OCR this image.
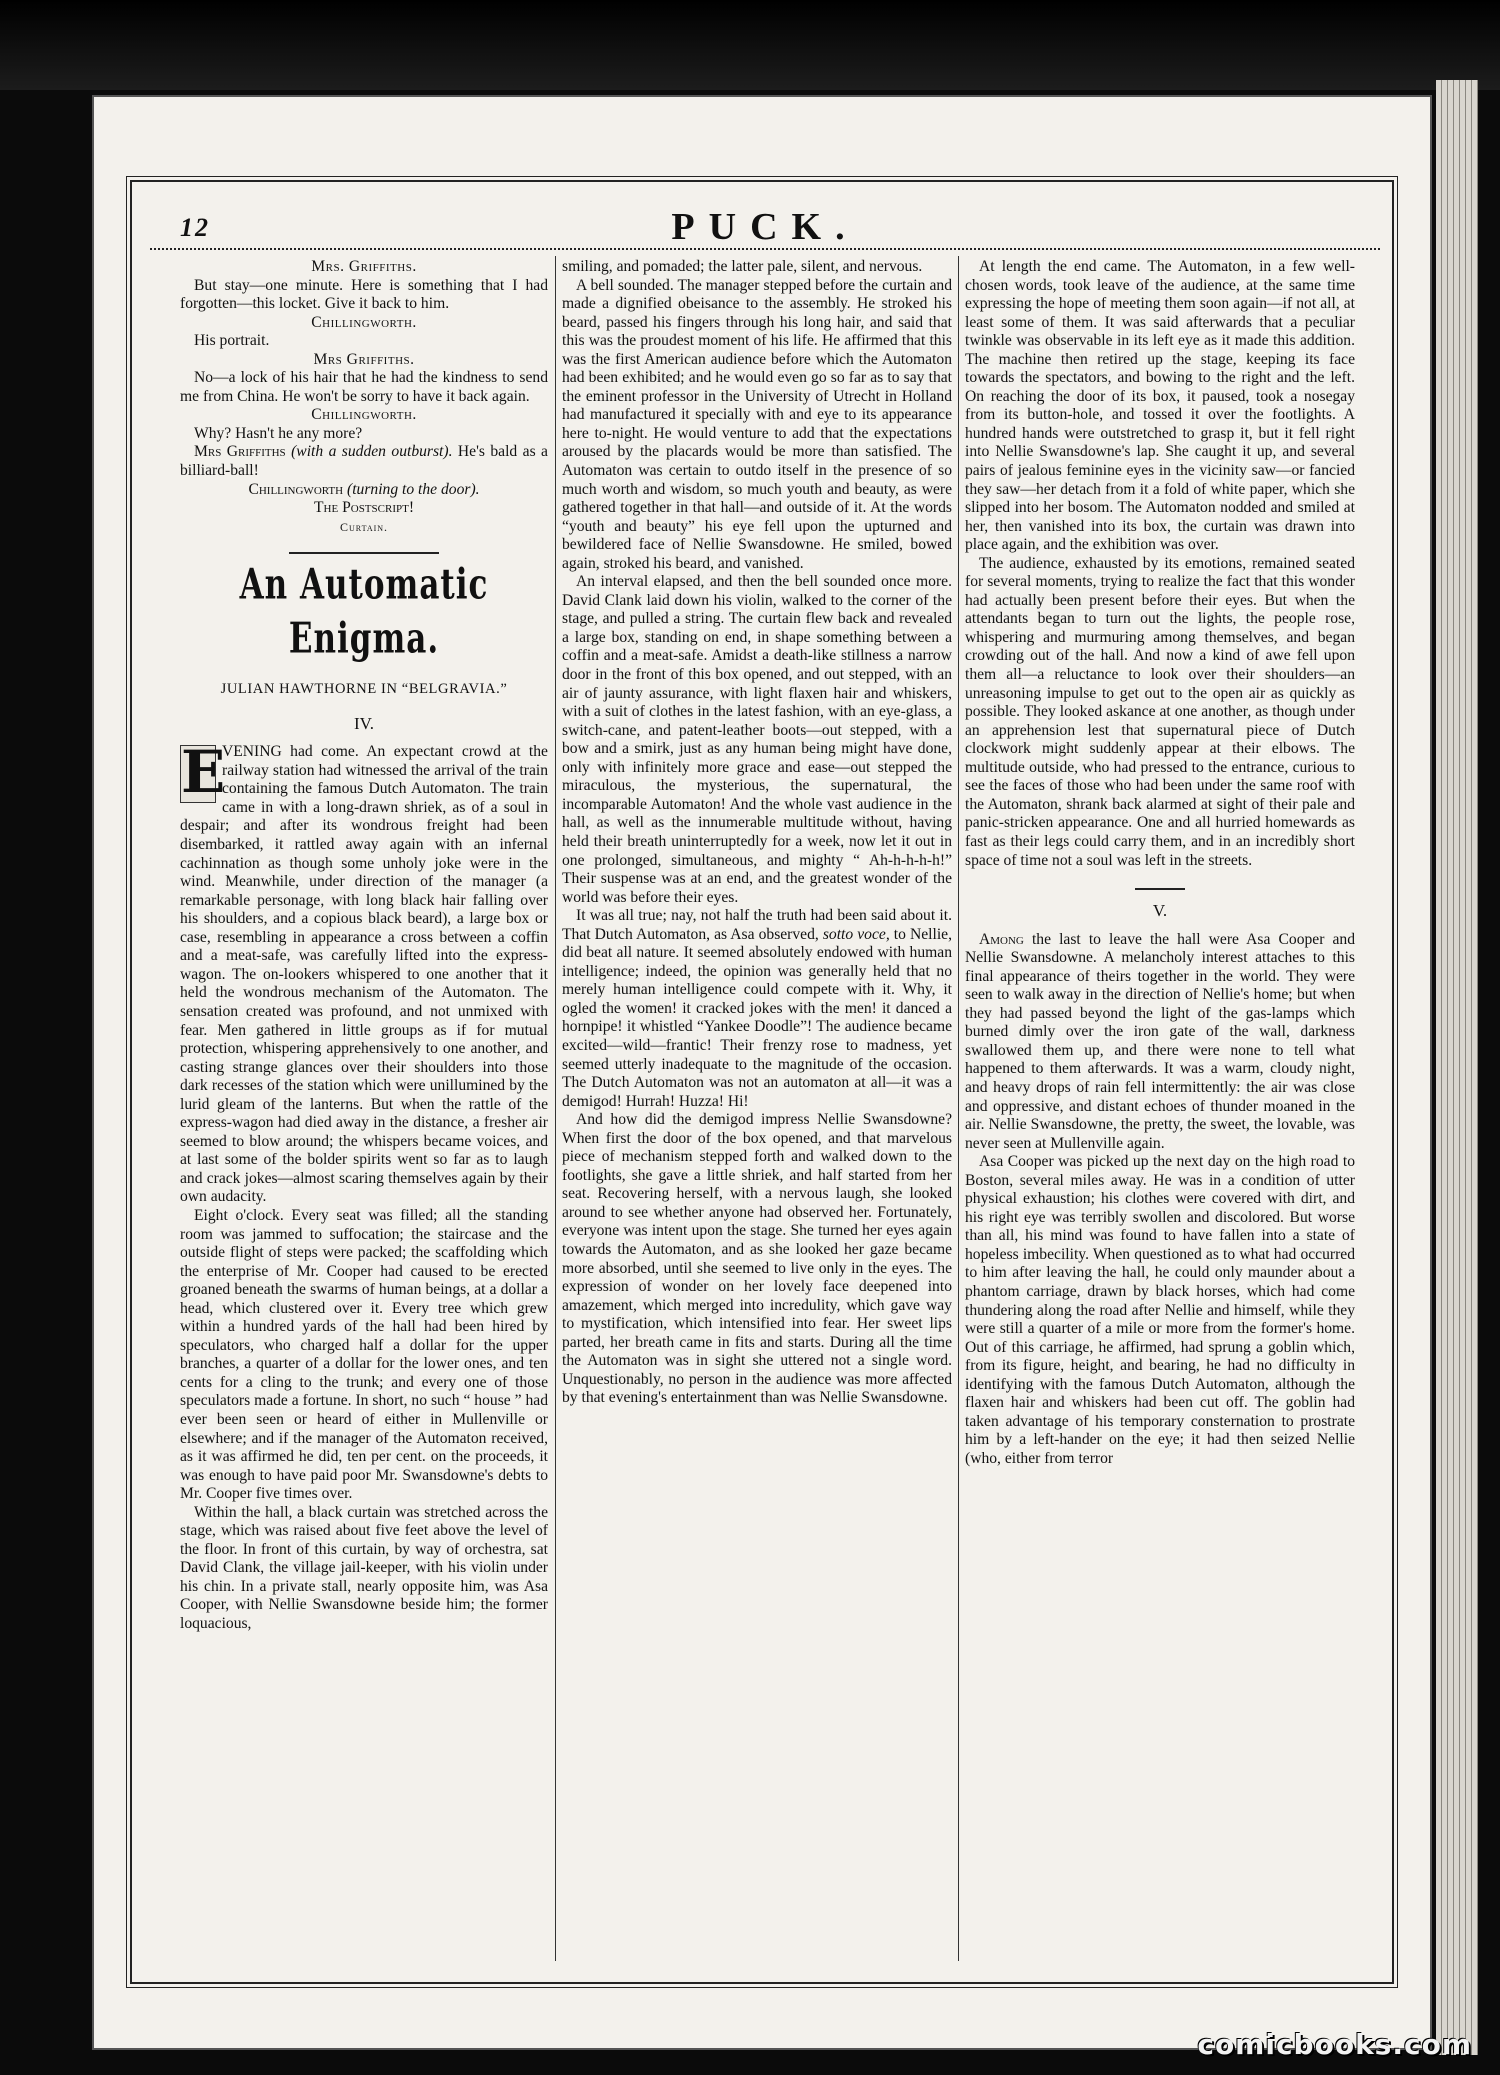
12	PUCK.
Mrs. Griffiths.

But stay—one minute. Here is something that I had forgotten—this locket. Give it back to him.

Chillingworth.

His portrait.

Mrs Griffiths.

No—a lock of his hair that he had the kindness to send me from China. He won't be sorry to have it back again.

Chillingworth.

Why? Hasn't he any more?

Mrs Griffiths (with a sudden outburst). He's bald as a billiard-ball!

Chillingworth (turning to the door).
The Postscript!
Curtain.
An Automatic Enigma.
JULIAN HAWTHORNE IN “BELGRAVIA.”
IV.

E
VENING had come. An expectant crowd at the railway station had witnessed the arrival of the train containing the famous Dutch Automaton. The train came in with a long-drawn shriek, as of a soul in despair; and after its wondrous freight had been disembarked, it rattled away again with an infernal cachinnation as though some unholy joke were in the wind. Meanwhile, under direction of the manager (a remarkable personage, with long black hair falling over his shoulders, and a copious black beard), a large box or case, resembling in appearance a cross between a coffin and a meat-safe, was carefully lifted into the express-wagon. The on-lookers whispered to one another that it held the wondrous mechanism of the Automaton. The sensation created was profound, and not unmixed with fear. Men gathered in little groups as if for mutual protection, whispering apprehensively to one another, and casting strange glances over their shoulders into those dark recesses of the station which were unillumined by the lurid gleam of the lanterns. But when the rattle of the express-wagon had died away in the distance, a fresher air seemed to blow around; the whispers became voices, and at last some of the bolder spirits went so far as to laugh and crack jokes—almost scaring themselves again by their own audacity.

Eight o'clock. Every seat was filled; all the standing room was jammed to suffocation; the staircase and the outside flight of steps were packed; the scaffolding which the enterprise of Mr. Cooper had caused to be erected groaned beneath the swarms of human beings, at a dollar a head, which clustered over it. Every tree which grew within a hundred yards of the hall had been hired by speculators, who charged half a dollar for the upper branches, a quarter of a dollar for the lower ones, and ten cents for a cling to the trunk; and every one of those speculators made a fortune. In short, no such “ house ” had ever been seen or heard of either in Mullenville or elsewhere; and if the manager of the Automaton received, as it was affirmed he did, ten per cent. on the proceeds, it was enough to have paid poor Mr. Swansdowne's debts to Mr. Cooper five times over.

Within the hall, a black curtain was stretched across the stage, which was raised about five feet above the level of the floor. In front of this curtain, by way of orchestra, sat David Clank, the village jail-keeper, with his violin under his chin. In a private stall, nearly opposite him, was Asa Cooper, with Nellie Swansdowne beside him; the former loquacious,

smiling, and pomaded; the latter pale, silent, and nervous.

A bell sounded. The manager stepped before the curtain and made a dignified obeisance to the assembly. He stroked his beard, passed his fingers through his long hair, and said that this was the proudest moment of his life. He affirmed that this was the first American audience before which the Automaton had been exhibited; and he would even go so far as to say that the eminent professor in the University of Utrecht in Holland had manufactured it specially with and eye to its appearance here to-night. He would venture to add that the expectations aroused by the placards would be more than satisfied. The Automaton was certain to outdo itself in the presence of so much worth and wisdom, so much youth and beauty, as were gathered together in that hall—and outside of it. At the words “youth and beauty” his eye fell upon the upturned and bewildered face of Nellie Swansdowne. He smiled, bowed again, stroked his beard, and vanished.

An interval elapsed, and then the bell sounded once more. David Clank laid down his violin, walked to the corner of the stage, and pulled a string. The curtain flew back and revealed a large box, standing on end, in shape something between a coffin and a meat-safe. Amidst a death-like stillness a narrow door in the front of this box opened, and out stepped, with an air of jaunty assurance, with light flaxen hair and whiskers, with a suit of clothes in the latest fashion, with an eye-glass, a switch-cane, and patent-leather boots—out stepped, with a bow and a smirk, just as any human being might have done, only with infinitely more grace and ease—out stepped the miraculous, the mysterious, the supernatural, the incomparable Automaton! And the whole vast audience in the hall, as well as the innumerable multitude without, having held their breath uninterruptedly for a week, now let it out in one prolonged, simultaneous, and mighty “ Ah-h-h-h-h!” Their suspense was at an end, and the greatest wonder of the world was before their eyes.

It was all true; nay, not half the truth had been said about it. That Dutch Automaton, as Asa observed, sotto voce, to Nellie, did beat all nature. It seemed absolutely endowed with human intelligence; indeed, the opinion was generally held that no merely human intelligence could compete with it. Why, it ogled the women! it cracked jokes with the men! it danced a hornpipe! it whistled “Yankee Doodle”! The audience became excited—wild—frantic! Their frenzy rose to madness, yet seemed utterly inadequate to the magnitude of the occasion. The Dutch Automaton was not an automaton at all—it was a demigod! Hurrah! Huzza! Hi!

And how did the demigod impress Nellie Swansdowne? When first the door of the box opened, and that marvelous piece of mechanism stepped forth and walked down to the footlights, she gave a little shriek, and half started from her seat. Recovering herself, with a nervous laugh, she looked around to see whether anyone had observed her. Fortunately, everyone was intent upon the stage. She turned her eyes again towards the Automaton, and as she looked her gaze became more absorbed, until she seemed to live only in the eyes. The expression of wonder on her lovely face deepened into amazement, which merged into incredulity, which gave way to mystification, which intensified into fear. Her sweet lips parted, her breath came in fits and starts. During all the time the Automaton was in sight she uttered not a single word. Unquestionably, no person in the audience was more affected by that evening's entertainment than was Nellie Swansdowne.

At length the end came. The Automaton, in a few well-chosen words, took leave of the audience, at the same time expressing the hope of meeting them soon again—if not all, at least some of them. It was said afterwards that a peculiar twinkle was observable in its left eye as it made this addition. The machine then retired up the stage, keeping its face towards the spectators, and bowing to the right and the left. On reaching the door of its box, it paused, took a nosegay from its button-hole, and tossed it over the footlights. A hundred hands were outstretched to grasp it, but it fell right into Nellie Swansdowne's lap. She caught it up, and several pairs of jealous feminine eyes in the vicinity saw—or fancied they saw—her detach from it a fold of white paper, which she slipped into her bosom. The Automaton nodded and smiled at her, then vanished into its box, the curtain was drawn into place again, and the exhibition was over.

The audience, exhausted by its emotions, remained seated for several moments, trying to realize the fact that this wonder had actually been present before their eyes. But when the attendants began to turn out the lights, the people rose, whispering and murmuring among themselves, and began crowding out of the hall. And now a kind of awe fell upon them all—a reluctance to look over their shoulders—an unreasoning impulse to get out to the open air as quickly as possible. They looked askance at one another, as though under an apprehension lest that supernatural piece of Dutch clockwork might suddenly appear at their elbows. The multitude outside, who had pressed to the entrance, curious to see the faces of those who had been under the same roof with the Automaton, shrank back alarmed at sight of their pale and panic-stricken appearance. One and all hurried homewards as fast as their legs could carry them, and in an incredibly short space of time not a soul was left in the streets.

V.

Among the last to leave the hall were Asa Cooper and Nellie Swansdowne. A melancholy interest attaches to this final appearance of theirs together in the world. They were seen to walk away in the direction of Nellie's home; but when they had passed beyond the light of the gas-lamps which burned dimly over the iron gate of the wall, darkness swallowed them up, and there were none to tell what happened to them afterwards. It was a warm, cloudy night, and heavy drops of rain fell intermittently: the air was close and oppressive, and distant echoes of thunder moaned in the air. Nellie Swansdowne, the pretty, the sweet, the lovable, was never seen at Mullenville again.

Asa Cooper was picked up the next day on the high road to Boston, several miles away. He was in a condition of utter physical exhaustion; his clothes were covered with dirt, and his right eye was terribly swollen and discolored. But worse than all, his mind was found to have fallen into a state of hopeless imbecility. When questioned as to what had occurred to him after leaving the hall, he could only maunder about a phantom carriage, drawn by black horses, which had come thundering along the road after Nellie and himself, while they were still a quarter of a mile or more from the former's home. Out of this carriage, he affirmed, had sprung a goblin which, from its figure, height, and bearing, he had no difficulty in identifying with the famous Dutch Automaton, although the flaxen hair and whiskers had been cut off. The goblin had taken advantage of his temporary consternation to prostrate him by a left-hander on the eye; it had then seized Nellie (who, either from terror

comicbooks.com
